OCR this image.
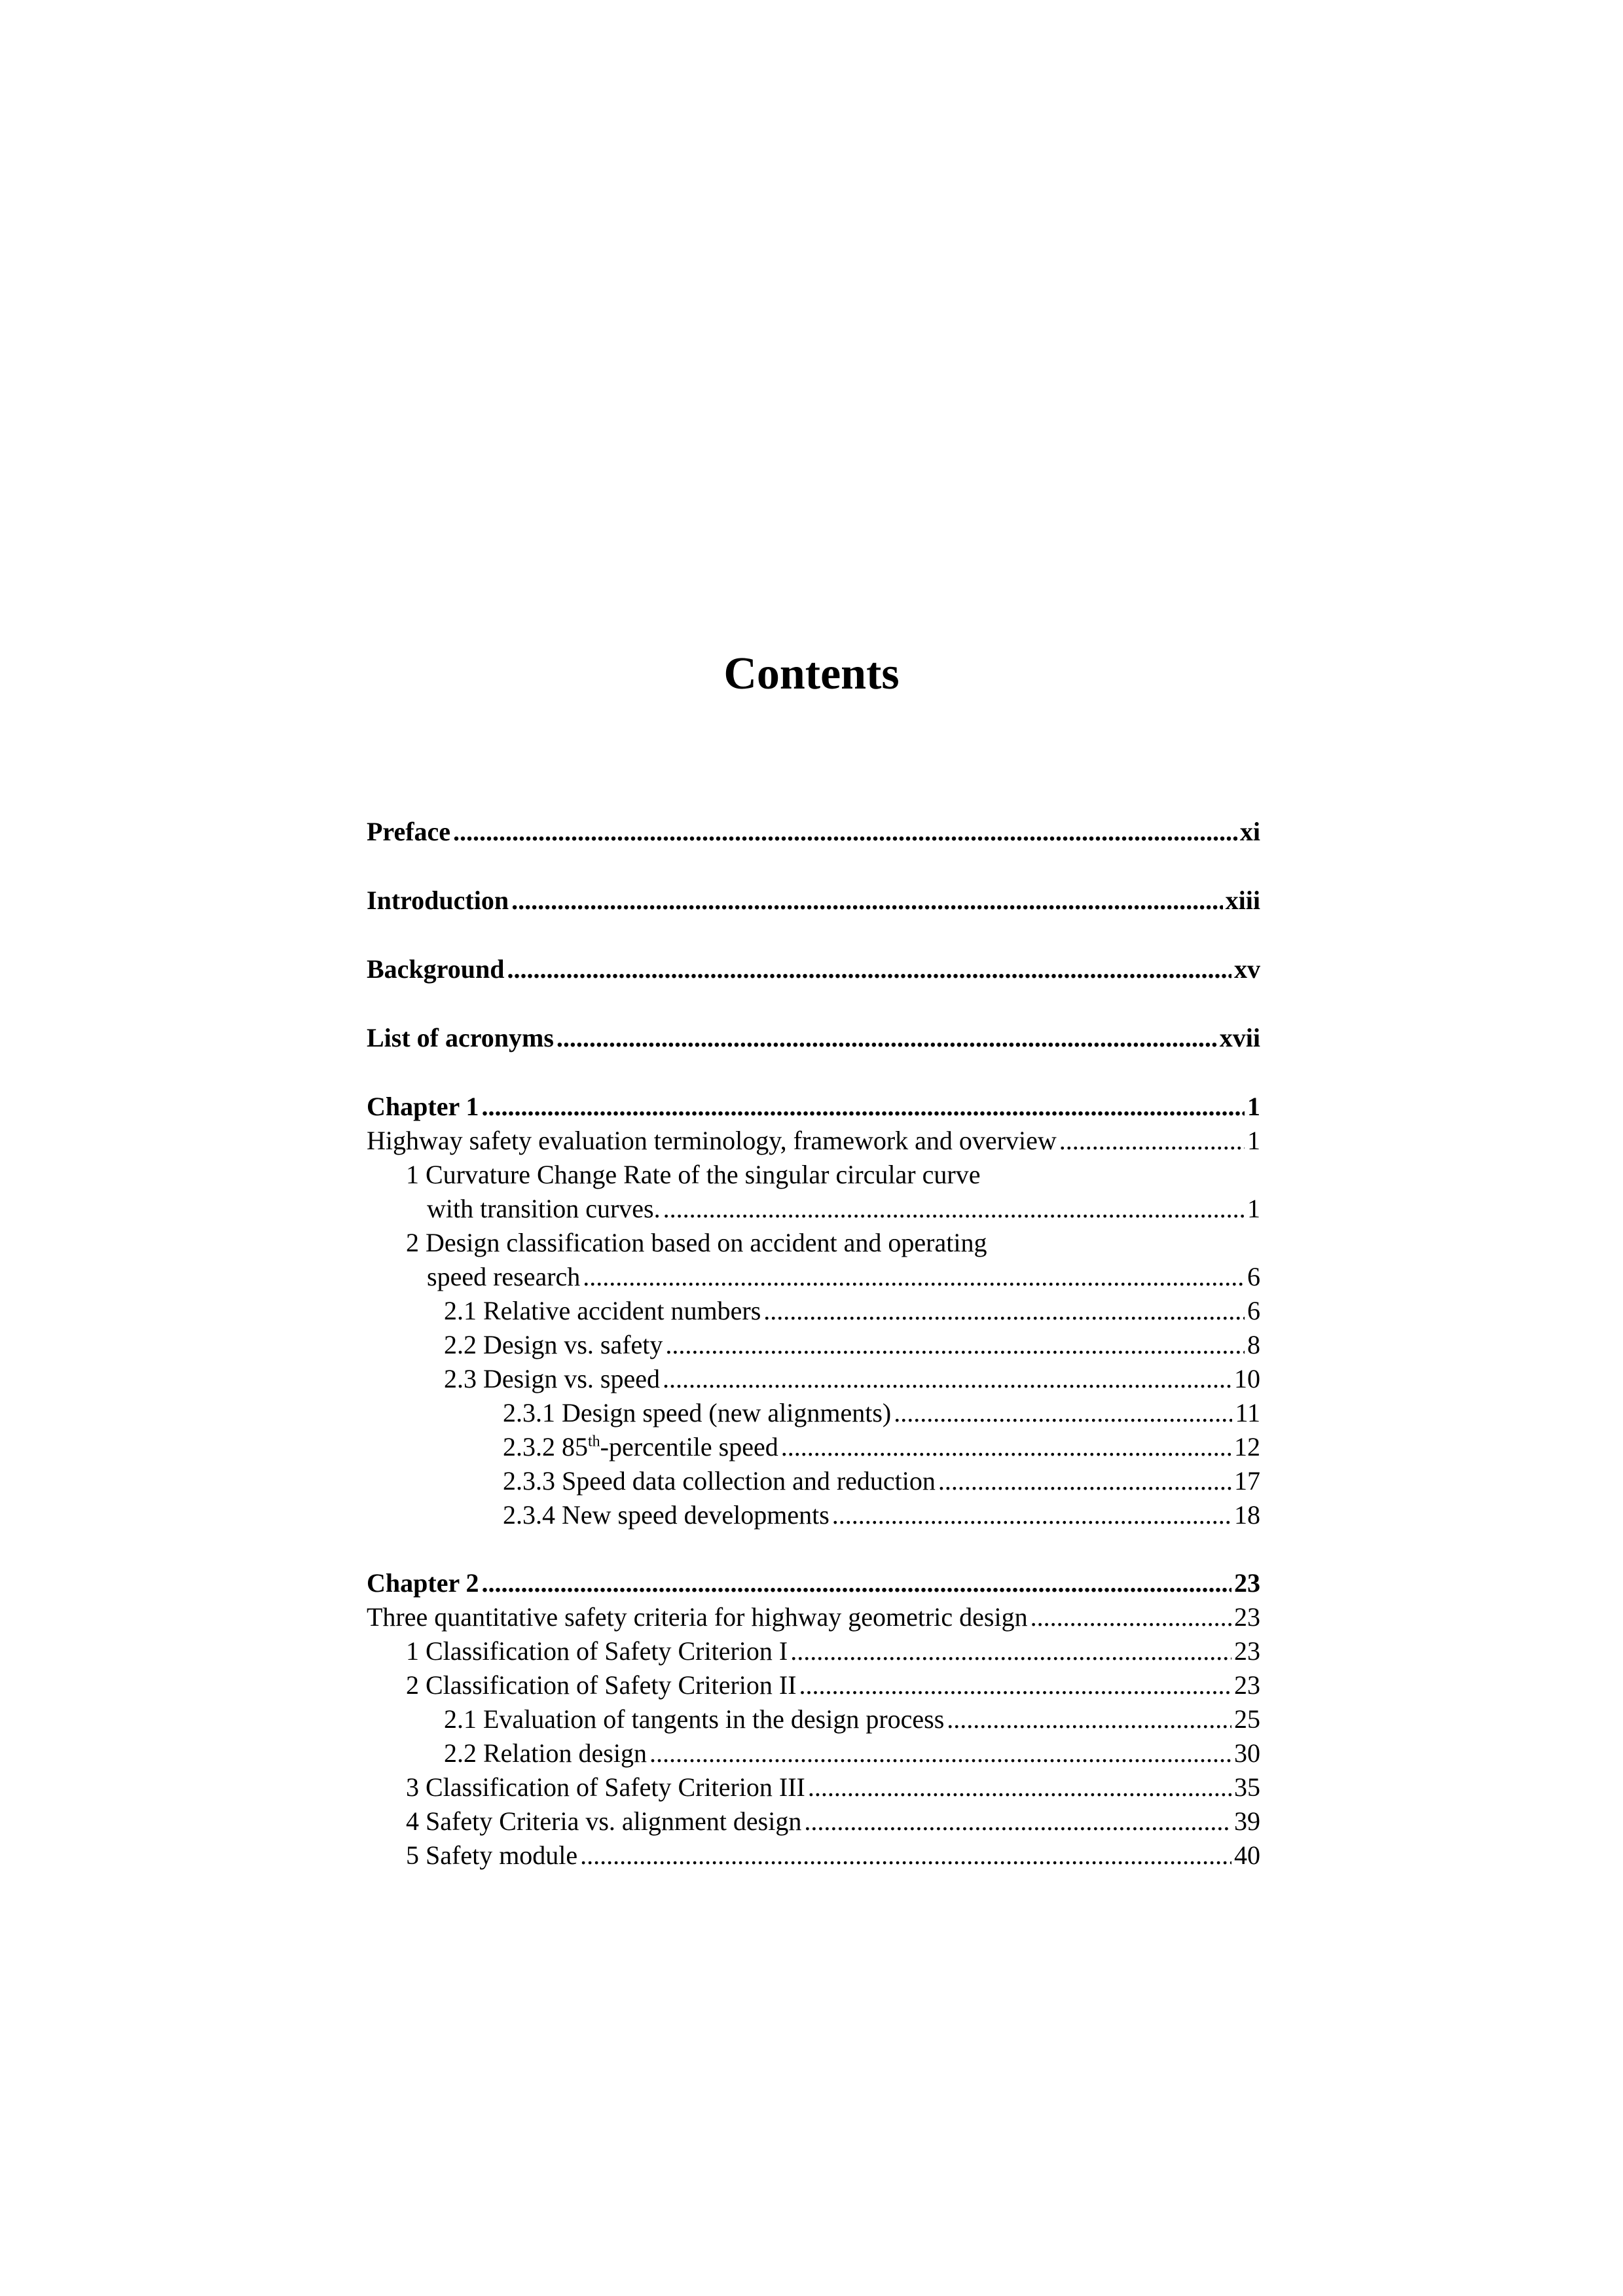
Contents
Preface .....	xi
Introduction .....	xiii
Background .....	xv
List of acronyms .....	xvii
Chapter 1 .....	1
Highway safety evaluation terminology, framework and overview .....	1
1 Curvature Change Rate of the singular circular curve
with transition curves. .....	1
2 Design classification based on accident and operating
speed research .....	6
2.1 Relative accident numbers .....	6
2.2 Design vs. safety .....	8
2.3 Design vs. speed .....	10
2.3.1 Design speed (new alignments) .....	11
2.3.2 85th-percentile speed .....	12
2.3.3 Speed data collection and reduction .....	17
2.3.4 New speed developments .....	18
Chapter 2 .....	23
Three quantitative safety criteria for highway geometric design .....	23
1 Classification of Safety Criterion I .....	23
2 Classification of Safety Criterion II .....	23
2.1 Evaluation of tangents in the design process .....	25
2.2 Relation design .....	30
3 Classification of Safety Criterion III .....	35
4 Safety Criteria vs. alignment design .....	39
5 Safety module .....	40
